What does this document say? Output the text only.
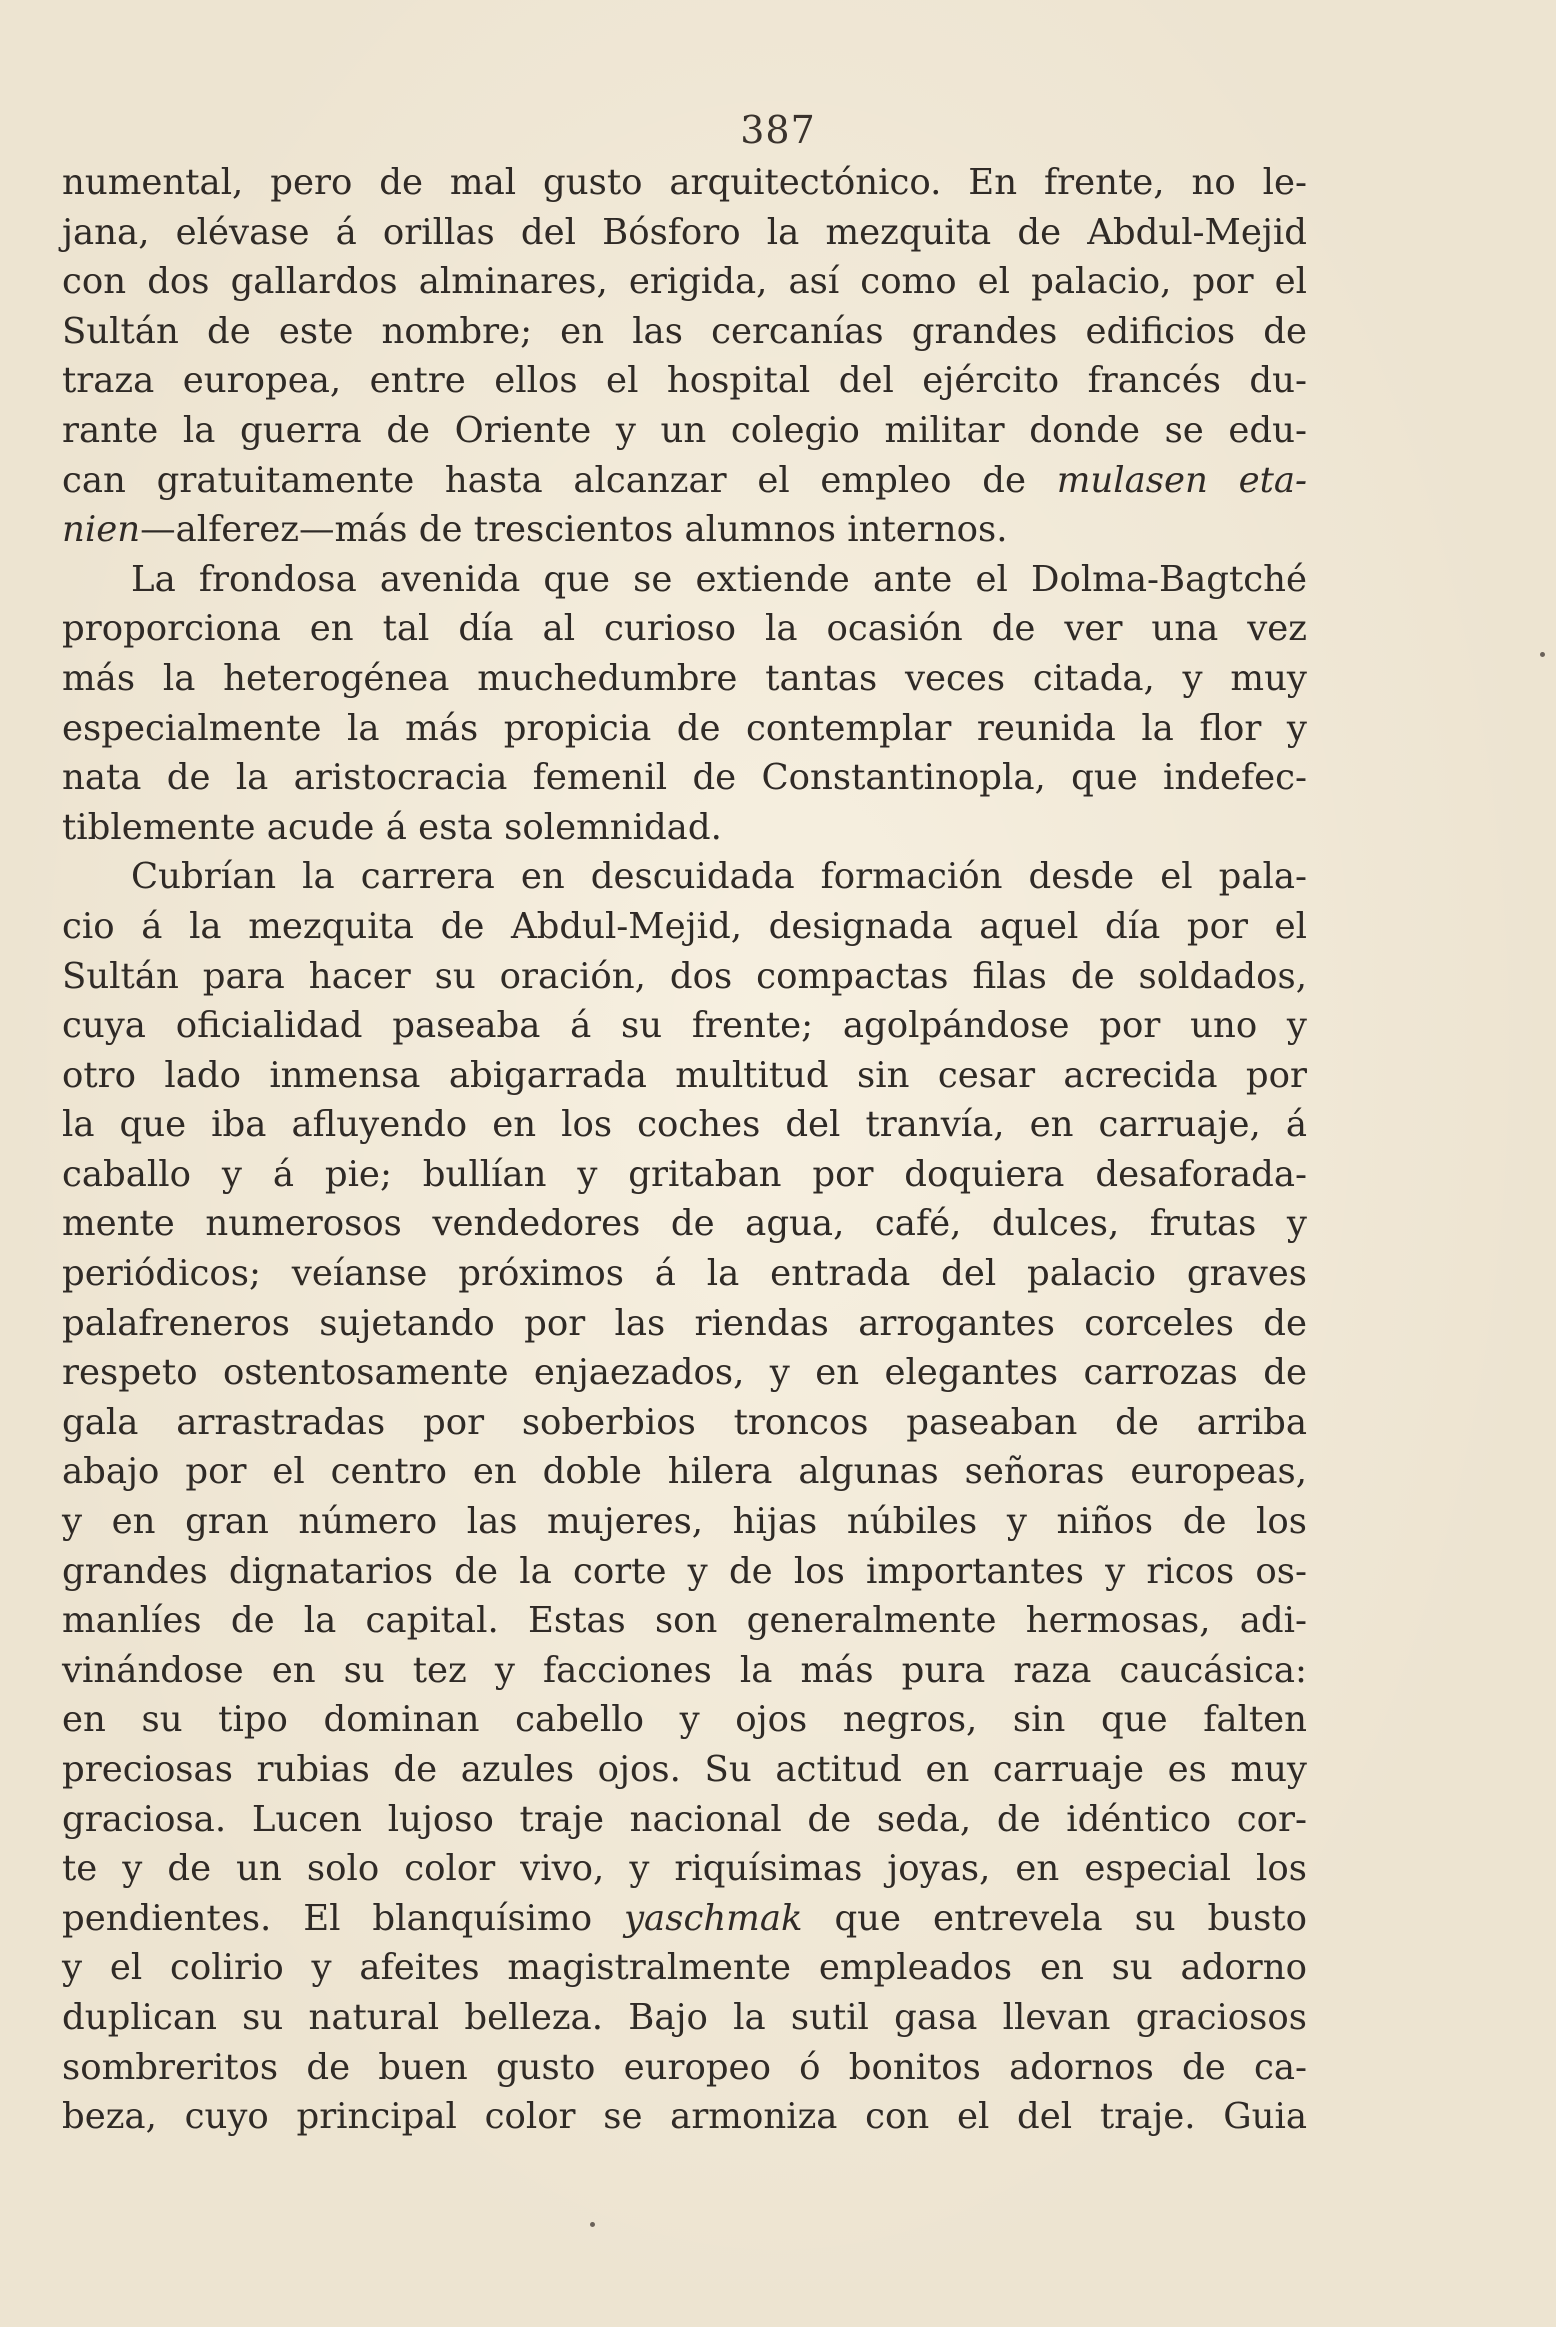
387
numental, pero de mal gusto arquitectónico. En frente, no le-
jana, elévase á orillas del Bósforo la mezquita de Abdul-Mejid
con dos gallardos alminares, erigida, así como el palacio, por el
Sultán de este nombre; en las cercanías grandes edificios de
traza europea, entre ellos el hospital del ejército francés du-
rante la guerra de Oriente y un colegio militar donde se edu-
can gratuitamente hasta alcanzar el empleo de mulasen eta-
nien—alferez—más de trescientos alumnos internos.
La frondosa avenida que se extiende ante el Dolma-Bagtché
proporciona en tal día al curioso la ocasión de ver una vez
más la heterogénea muchedumbre tantas veces citada, y muy
especialmente la más propicia de contemplar reunida la flor y
nata de la aristocracia femenil de Constantinopla, que indefec-
tiblemente acude á esta solemnidad.
Cubrían la carrera en descuidada formación desde el pala-
cio á la mezquita de Abdul-Mejid, designada aquel día por el
Sultán para hacer su oración, dos compactas filas de soldados,
cuya oficialidad paseaba á su frente; agolpándose por uno y
otro lado inmensa abigarrada multitud sin cesar acrecida por
la que iba afluyendo en los coches del tranvía, en carruaje, á
caballo y á pie; bullían y gritaban por doquiera desaforada-
mente numerosos vendedores de agua, café, dulces, frutas y
periódicos; veíanse próximos á la entrada del palacio graves
palafreneros sujetando por las riendas arrogantes corceles de
respeto ostentosamente enjaezados, y en elegantes carrozas de
gala arrastradas por soberbios troncos paseaban de arriba
abajo por el centro en doble hilera algunas señoras europeas,
y en gran número las mujeres, hijas núbiles y niños de los
grandes dignatarios de la corte y de los importantes y ricos os-
manlíes de la capital. Estas son generalmente hermosas, adi-
vinándose en su tez y facciones la más pura raza caucásica:
en su tipo dominan cabello y ojos negros, sin que falten
preciosas rubias de azules ojos. Su actitud en carruaje es muy
graciosa. Lucen lujoso traje nacional de seda, de idéntico cor-
te y de un solo color vivo, y riquísimas joyas, en especial los
pendientes. El blanquísimo yaschmak que entrevela su busto
y el colirio y afeites magistralmente empleados en su adorno
duplican su natural belleza. Bajo la sutil gasa llevan graciosos
sombreritos de buen gusto europeo ó bonitos adornos de ca-
beza, cuyo principal color se armoniza con el del traje. Guia
